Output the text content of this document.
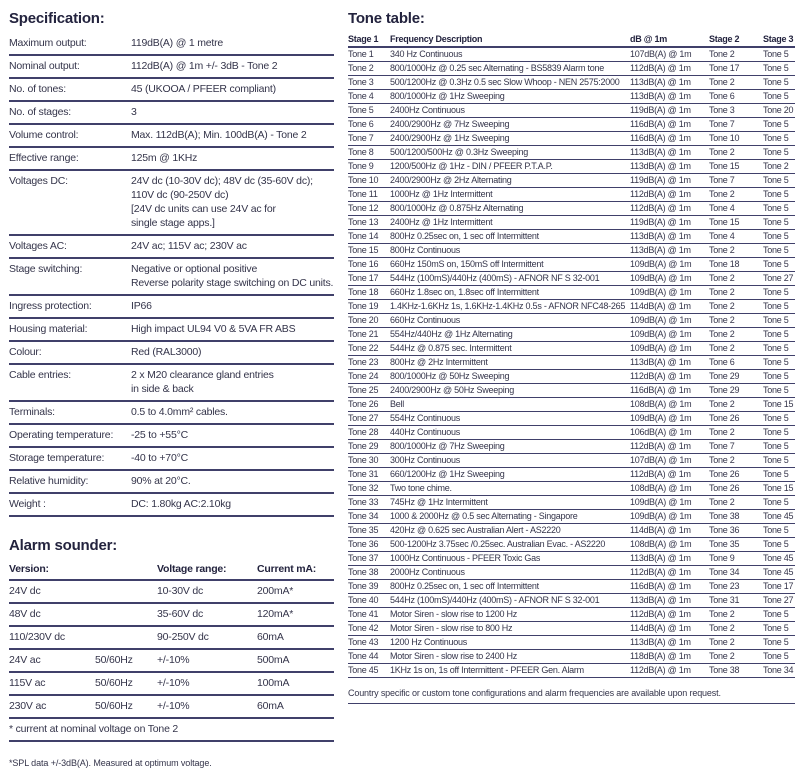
Specification:
Maximum output:	119dB(A) @ 1 metre
Nominal output:	112dB(A) @ 1m +/- 3dB - Tone 2
No. of tones:	45 (UKOOA / PFEER compliant)
No. of stages:	3
Volume control:	Max. 112dB(A); Min. 100dB(A) - Tone 2
Effective range:	125m @ 1KHz
Voltages DC:	24V dc (10-30V dc); 48V dc (35-60V dc);
110V dc (90-250V dc)
[24V dc units can use 24V ac for
single stage apps.]

Voltages AC:	24V ac; 115V ac; 230V ac
Stage switching:	Negative or optional positive
Reverse polarity stage switching on DC units.

Ingress protection:	IP66
Housing material:	High impact UL94 V0 & 5VA FR ABS
Colour:	Red (RAL3000)
Cable entries:	2 x M20 clearance gland entries
in side & back

Terminals:	0.5 to 4.0mm² cables.
Operating temperature:	-25 to +55°C
Storage temperature:	-40 to +70°C
Relative humidity:	90% at 20°C.
Weight :	DC: 1.80kg AC:2.10kg
Alarm sounder:
Version:		Voltage range:	Current mA:
24V dc		10-30V dc	200mA*
48V dc		35-60V dc	120mA*
110/230V dc		90-250V dc	60mA
24V ac	50/60Hz	+/-10%	500mA
115V ac	50/60Hz	+/-10%	100mA
230V ac	50/60Hz	+/-10%	60mA
* current at nominal voltage on Tone 2			
*SPL data +/-3dB(A). Measured at optimum voltage.
Tone table:
Stage 1	Frequency Description	dB @ 1m	Stage 2	Stage 3
Tone 1	340 Hz Continuous	107dB(A) @ 1m	Tone 2	Tone 5
Tone 2	800/1000Hz @ 0.25 sec Alternating - BS5839 Alarm tone	112dB(A) @ 1m	Tone 17	Tone 5
Tone 3	500/1200Hz @ 0.3Hz 0.5 sec Slow Whoop - NEN 2575:2000	113dB(A) @ 1m	Tone 2	Tone 5
Tone 4	800/1000Hz @ 1Hz Sweeping	113dB(A) @ 1m	Tone 6	Tone 5
Tone 5	2400Hz Continuous	119dB(A) @ 1m	Tone 3	Tone 20
Tone 6	2400/2900Hz @ 7Hz Sweeping	116dB(A) @ 1m	Tone 7	Tone 5
Tone 7	2400/2900Hz @ 1Hz Sweeping	116dB(A) @ 1m	Tone 10	Tone 5
Tone 8	500/1200/500Hz @ 0.3Hz Sweeping	113dB(A) @ 1m	Tone 2	Tone 5
Tone 9	1200/500Hz @ 1Hz - DIN / PFEER P.T.A.P.	113dB(A) @ 1m	Tone 15	Tone 2
Tone 10	2400/2900Hz @ 2Hz Alternating	119dB(A) @ 1m	Tone 7	Tone 5
Tone 11	1000Hz @ 1Hz Intermittent	112dB(A) @ 1m	Tone 2	Tone 5
Tone 12	800/1000Hz @ 0.875Hz Alternating	112dB(A) @ 1m	Tone 4	Tone 5
Tone 13	2400Hz @ 1Hz Intermittent	119dB(A) @ 1m	Tone 15	Tone 5
Tone 14	800Hz 0.25sec on, 1 sec off Intermittent	113dB(A) @ 1m	Tone 4	Tone 5
Tone 15	800Hz Continuous	113dB(A) @ 1m	Tone 2	Tone 5
Tone 16	660Hz 150mS on, 150mS off Intermittent	109dB(A) @ 1m	Tone 18	Tone 5
Tone 17	544Hz (100mS)/440Hz (400mS) - AFNOR NF S 32-001	109dB(A) @ 1m	Tone 2	Tone 27
Tone 18	660Hz 1.8sec on, 1.8sec off Intermittent	109dB(A) @ 1m	Tone 2	Tone 5
Tone 19	1.4KHz-1.6KHz 1s, 1.6KHz-1.4KHz 0.5s - AFNOR NFC48-265	114dB(A) @ 1m	Tone 2	Tone 5
Tone 20	660Hz Continuous	109dB(A) @ 1m	Tone 2	Tone 5
Tone 21	554Hz/440Hz @ 1Hz Alternating	109dB(A) @ 1m	Tone 2	Tone 5
Tone 22	544Hz @ 0.875 sec. Intermittent	109dB(A) @ 1m	Tone 2	Tone 5
Tone 23	800Hz @ 2Hz Intermittent	113dB(A) @ 1m	Tone 6	Tone 5
Tone 24	800/1000Hz @ 50Hz Sweeping	112dB(A) @ 1m	Tone 29	Tone 5
Tone 25	2400/2900Hz @ 50Hz Sweeping	116dB(A) @ 1m	Tone 29	Tone 5
Tone 26	Bell	108dB(A) @ 1m	Tone 2	Tone 15
Tone 27	554Hz Continuous	109dB(A) @ 1m	Tone 26	Tone 5
Tone 28	440Hz Continuous	106dB(A) @ 1m	Tone 2	Tone 5
Tone 29	800/1000Hz @ 7Hz Sweeping	112dB(A) @ 1m	Tone 7	Tone 5
Tone 30	300Hz Continuous	107dB(A) @ 1m	Tone 2	Tone 5
Tone 31	660/1200Hz @ 1Hz Sweeping	112dB(A) @ 1m	Tone 26	Tone 5
Tone 32	Two tone chime.	108dB(A) @ 1m	Tone 26	Tone 15
Tone 33	745Hz @ 1Hz Intermittent	109dB(A) @ 1m	Tone 2	Tone 5
Tone 34	1000 & 2000Hz @ 0.5 sec Alternating - Singapore	109dB(A) @ 1m	Tone 38	Tone 45
Tone 35	420Hz @ 0.625 sec Australian Alert - AS2220	114dB(A) @ 1m	Tone 36	Tone 5
Tone 36	500-1200Hz 3.75sec /0.25sec. Australian Evac. - AS2220	108dB(A) @ 1m	Tone 35	Tone 5
Tone 37	1000Hz Continuous - PFEER Toxic Gas	113dB(A) @ 1m	Tone 9	Tone 45
Tone 38	2000Hz Continuous	112dB(A) @ 1m	Tone 34	Tone 45
Tone 39	800Hz 0.25sec on, 1 sec off Intermittent	116dB(A) @ 1m	Tone 23	Tone 17
Tone 40	544Hz (100mS)/440Hz (400mS) - AFNOR NF S 32-001	113dB(A) @ 1m	Tone 31	Tone 27
Tone 41	Motor Siren - slow rise to 1200 Hz	112dB(A) @ 1m	Tone 2	Tone 5
Tone 42	Motor Siren - slow rise to 800 Hz	114dB(A) @ 1m	Tone 2	Tone 5
Tone 43	1200 Hz Continuous	113dB(A) @ 1m	Tone 2	Tone 5
Tone 44	Motor Siren - slow rise to 2400 Hz	118dB(A) @ 1m	Tone 2	Tone 5
Tone 45	1KHz 1s on, 1s off Intermittent - PFEER Gen. Alarm	112dB(A) @ 1m	Tone 38	Tone 34
Country specific or custom tone configurations and alarm frequencies are available upon request.
